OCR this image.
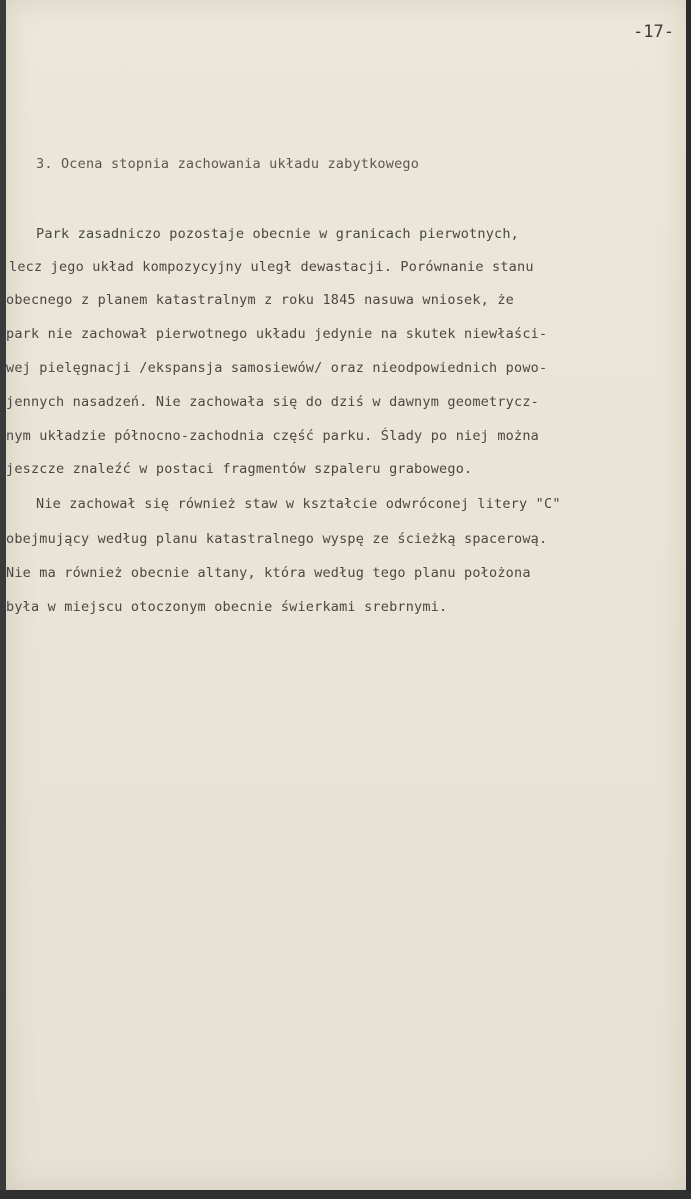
-17-
3. Ocena stopnia zachowania układu zabytkowego
Park zasadniczo pozostaje obecnie w granicach pierwotnych,
lecz jego układ kompozycyjny uległ dewastacji. Porównanie stanu
obecnego z planem katastralnym z roku 1845 nasuwa wniosek, że
park nie zachował pierwotnego układu jedynie na skutek niewłaści-
wej pielęgnacji /ekspansja samosiewów/ oraz nieodpowiednich powo-
jennych nasadzeń. Nie zachowała się do dziś w dawnym geometrycz-
nym układzie północno-zachodnia część parku. Ślady po niej można
jeszcze znaleźć w postaci fragmentów szpaleru grabowego.
Nie zachował się również staw w kształcie odwróconej litery "C"
obejmujący według planu katastralnego wyspę ze ścieżką spacerową.
Nie ma również obecnie altany, która według tego planu położona
była w miejscu otoczonym obecnie świerkami srebrnymi.
